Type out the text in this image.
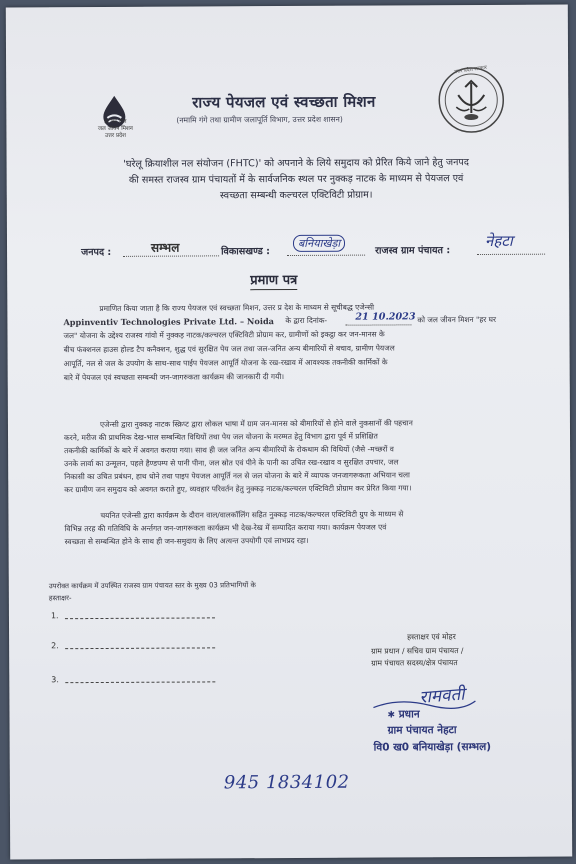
हर घर जल
जल जीवन मिशन
उत्तर प्रदेश
उत्तर प्रदेश सरकार
राज्य पेयजल एवं स्वच्छता मिशन
(नमामि गंगे तथा ग्रामीण जलापूर्ति विभाग, उत्तर प्रदेश शासन)
'घरेलू क्रियाशील नल संयोजन (FHTC)' को अपनाने के लिये समुदाय को प्रेरित किये जाने हेतु जनपद
की समस्त राजस्व ग्राम पंचायतों में के सार्वजनिक स्थल पर नुक्कड़ नाटक के माध्यम से पेयजल एवं
स्वच्छता सम्बन्धी कल्चरल एक्टिविटी प्रोग्राम।
जनपद :	सम्भल	विकासखण्ड :
बनियाखेड़ा
राजस्व ग्राम पंचायत :
नेहटा
प्रमाण पत्र
प्रमाणित किया जाता है कि राज्य पेयजल एवं स्वच्छता मिशन, उत्तर प्र देश के माध्यम से सूचीबद्ध एजेन्सी
Appinventiv Technologies Private Ltd. – Noida के द्वारा दिनांक-	21 10.2023 को जल जीवन मिशन "हर घर
जल" योजना के उद्देश्य राजस्व गांवो में नुक्कड़ नाटक/कल्चरल एक्टिविटी प्रोग्राम कर, ग्रामीणों को इकट्ठा कर जन-मानस के
बीच फंक्शनल हाउस होल्ड टैप कनैक्शन, शुद्ध एवं सुरक्षित पेय जल तथा जल-जनित अन्य बीमारियों से बचाव, ग्रामीण पेयजल
आपूर्ति, नल से जल के उपयोग के साथ-साथ पाईप पेयजल आपूर्ति योजना के रख-रखाव में आवश्यक तकनीकी कार्मिकों के
बारे में पेयजल एवं स्वच्छता सम्बन्धी जन-जागरुकता कार्यक्रम की जानकारी दी गयी।
एजेन्सी द्वारा नुक्कड़ नाटक स्क्रिप्ट द्वारा लोकल भाषा में ग्राम जन-मानस को बीमारियों से होने वाले नुकसानों की पहचान
करने, मरीज की प्राथमिक देख-भाल सम्बन्धित विधियों तथा पेय जल योजना के मरम्मत हेतु विभाग द्वारा पूर्व में प्रशिक्षित
तकनीकी कार्मिकों के बारे में अवगत कराया गया। साथ ही जल जनित अन्य बीमारियों के रोकथाम की विधियों (जैसे -मच्छरों व
उनके लार्वा का उन्मूलन, पहले हैण्डपम्प से पानी पीना, जल स्रोत एवं पीने के पानी का उचित रख-रखाव व सुरक्षित उपचार, जल
निकासी का उचित प्रबंधन, हाथ धोने तथा पाइप पेयजल आपूर्ति नल से जल योजना के बारे में व्यापक जनजागरूकता अभियान चला
कर ग्रामीण जन समुदाय को अवगत कराते हुए, व्यवहार परिवर्तन हेतु नुक्कड़ नाटक/कल्चरल एक्टिविटी प्रोग्राम कर प्रेरित किया गया।
चयनित एजेन्सी द्वारा कार्यक्रम के दौरान वाल/वालकॉलिंग सहित नुक्कड़ नाटक/कल्चरल एक्टिविटी ग्रुप के माध्यम से
विभिन्न तरह की गतिविधि के अर्न्तगत जन-जागरूकता कार्यक्रम भी देख-रेख में सम्पादित कराया गया। कार्यक्रम पेयजल एवं
स्वच्छता से सम्बन्धित होने के साथ ही जन-समुदाय के लिए अत्यन्त उपयोगी एवं लाभप्रद रहा।
उपरोक्त कार्यक्रम में उपस्थित राजस्व ग्राम पंचायत स्तर के मुख्य 03 प्रतिभागियों के
हस्ताक्षर-
1.
2.
3.
हस्ताक्षर एवं मोहर
ग्राम प्रधान / सचिव ग्राम पंचायत /
ग्राम पंचायत सदस्य/क्षेत्र पंचायत
रामवती
✱ प्रधान
ग्राम पंचायत नेहटा
वि0 ख0 बनियाखेड़ा (सम्भल)
945 1834102
